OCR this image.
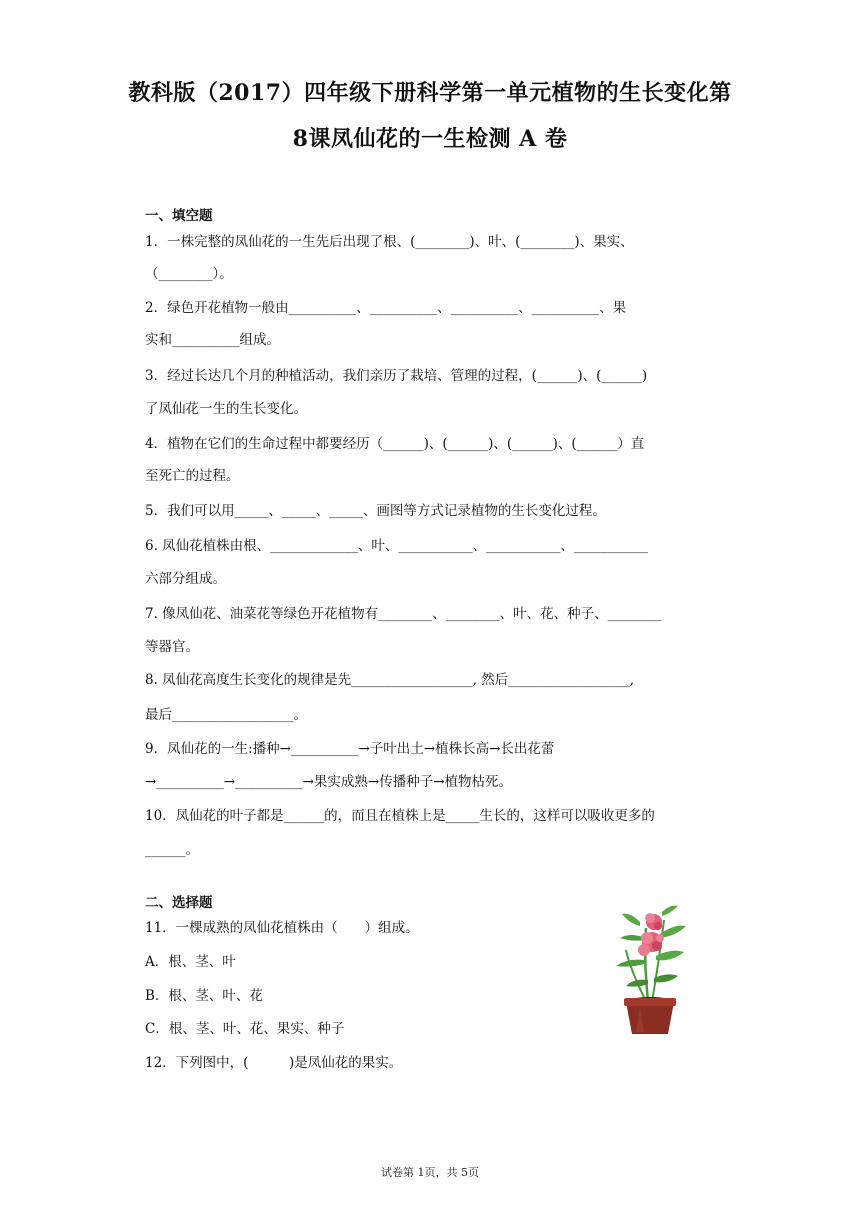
教科版（2017）四年级下册科学第一单元植物的生长变化第
8课凤仙花的一生检测 A 卷
一、填空题
1．一株完整的凤仙花的一生先后出现了根、(________)、叶、(________)、果实、
（________）。
2．绿色开花植物一般由__________、__________、__________、__________、果
实和__________组成。
3．经过长达几个月的种植活动，我们亲历了栽培、管理的过程，(______)、(______)
了凤仙花一生的生长变化。
4．植物在它们的生命过程中都要经历（______)、(______)、(______)、(______）直
至死亡的过程。
5．我们可以用_____、_____、_____、画图等方式记录植物的生长变化过程。
6. 凤仙花植株由根、_____________、叶、___________、___________、___________
六部分组成。
7. 像凤仙花、油菜花等绿色开花植物有________、________、叶、花、种子、________
等器官。
8. 凤仙花高度生长变化的规律是先__________________, 然后__________________,
最后__________________。
9．凤仙花的一生:播种→__________→子叶出土→植株长高→长出花蕾
→__________→__________→果实成熟→传播种子→植物枯死。
10．凤仙花的叶子都是______的，而且在植株上是_____生长的，这样可以吸收更多的
______。
二、选择题
11．一棵成熟的凤仙花植株由（　　）组成。
A．根、茎、叶
B．根、茎、叶、花
C．根、茎、叶、花、果实、种子
12．下列图中，(　　　)是凤仙花的果实。
试卷第 1页，共 5页
